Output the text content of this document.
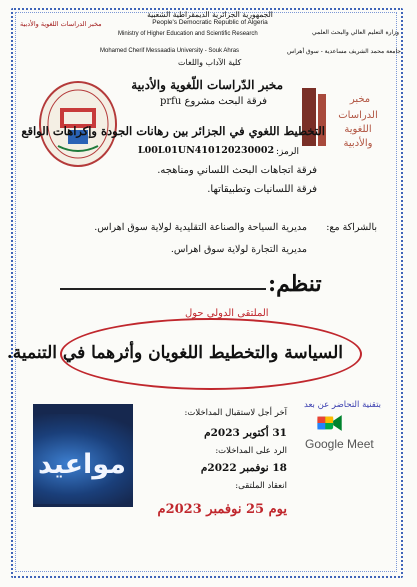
الجمهورية الجزائرية الديمقراطية الشعبية
People's Democratic Republic of Algeria
مخبر الدراسات اللغوية والأدبية
وزارة التعليم العالي والبحث العلمي
Ministry of Higher Education and Scientific Research
Mohamed Cherif Messaadia University - Souk Ahras	جامعة محمد الشريف مساعدية - سوق أهراس
كلية الآداب واللغات
مخبر
الدراسات
اللغوية
والأدبية
مخبر الدّراسات اللّغوية والأدبية
فرقة البحث مشروع prfu
التخطيط اللغوي في الجزائر بين رهانات الجودة وإكراهات الواقع
الرمز:
L00L01UN410120230002
فرقة اتجاهات البحث اللساني ومناهجه.
فرقة اللسانيات وتطبيقاتها.
بالشراكة مع:
مديرية السياحة والصناعة التقليدية لولاية سوق اهراس.
مديرية التجارة لولاية سوق اهراس.
تنظم:
الملتقى الدولي حول
السياسة والتخطيط اللغويان وأثرهما في التنمية.
بتقنية التحاضر عن بعد
Google Meet
مواعيد
آخر أجل لاستقبال المداخلات:
31 أكتوبر 2023م
الرد على المداخلات:
18 نوفمبر 2022م
انعقاد الملتقى:
يوم 25 نوفمبر 2023م
